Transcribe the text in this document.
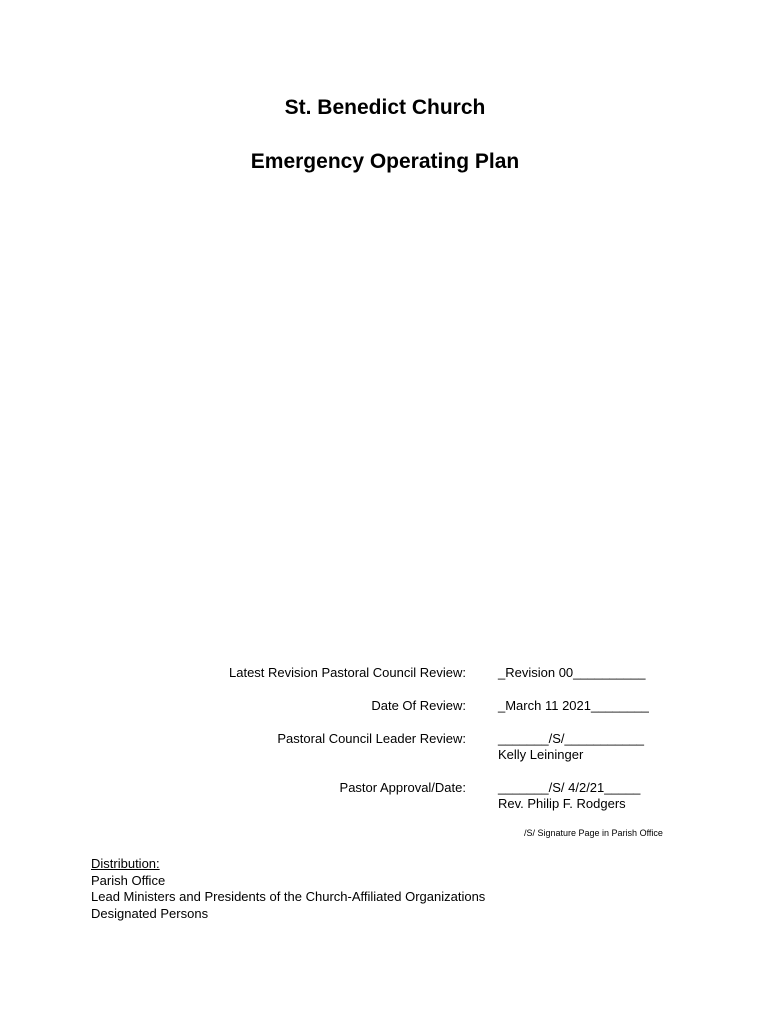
St. Benedict Church
Emergency Operating Plan
Latest Revision Pastoral Council Review: _Revision 00__________
Date Of Review: _March 11 2021________
Pastoral Council Leader Review: _______/S/___________
Kelly Leininger
Pastor Approval/Date: _______/S/ 4/2/21_____
Rev. Philip F. Rodgers
/S/ Signature Page in Parish Office
Distribution:
Parish Office
Lead Ministers and Presidents of the Church-Affiliated Organizations
Designated Persons
